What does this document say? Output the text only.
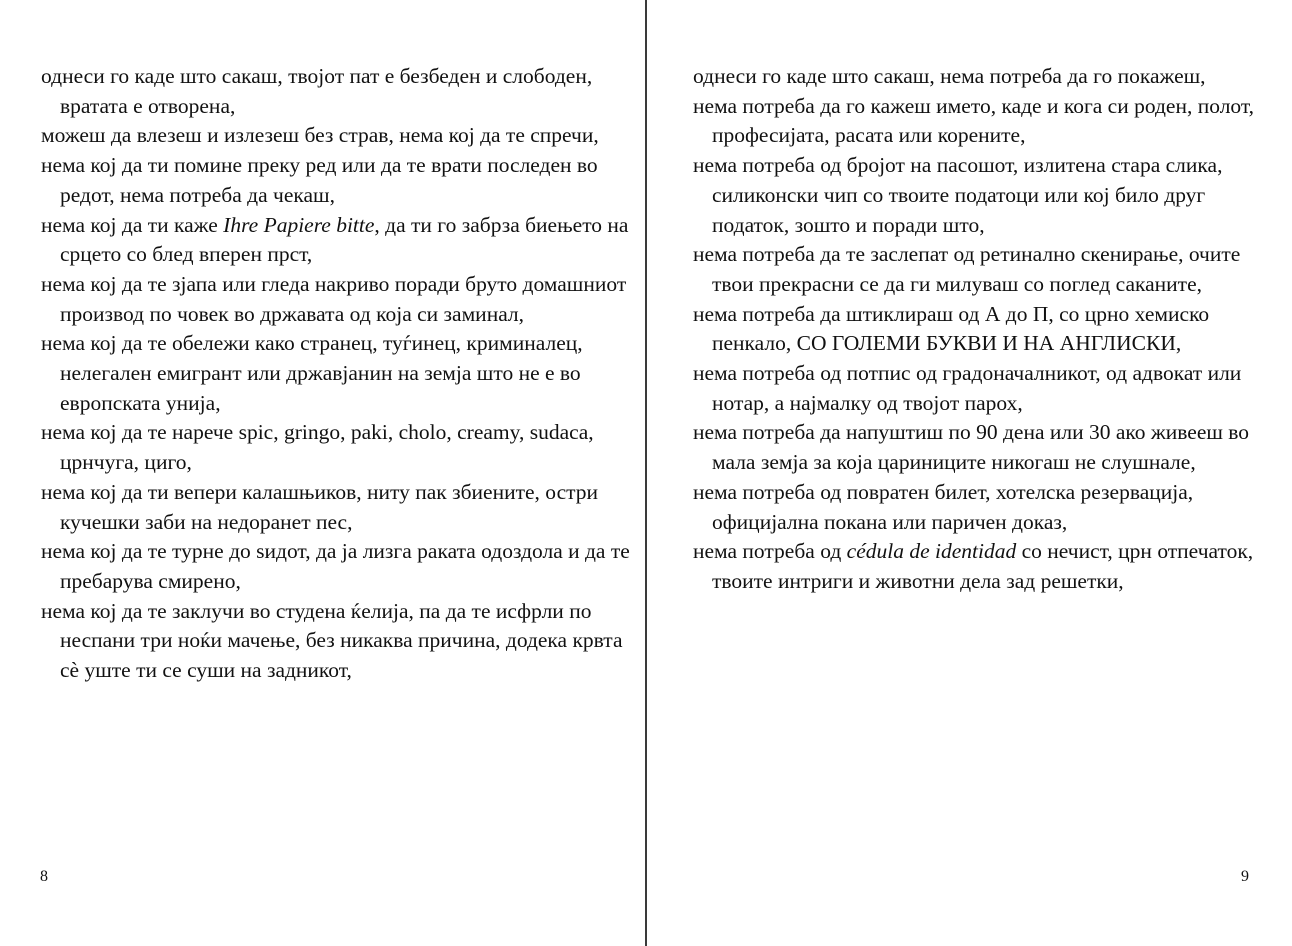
однеси го каде што сакаш, твојот пат е безбеден и слободен, вратата е отворена,

можеш да влезеш и излезеш без страв, нема кој да те спречи,

нема кој да ти помине преку ред или да те врати последен во редот, нема потреба да чекаш,

нема кој да ти каже Ihre Papiere bitte, да ти го забрза биењето на срцето со блед вперен прст,

нема кој да те зјапа или гледа накриво поради бруто домашниот производ по човек во државата од која си заминал,

нема кој да те обележи како странец, туѓинец, криминалец, нелегален емигрант или државјанин на земја што не е во европската унија,

нема кој да те нарече spic, gringo, paki, cholo, creamy, sudaca, црнчуга, циго,

нема кој да ти вепери калашњиков, ниту пак збиените, остри кучешки заби на недоранет пес,

нема кој да те турне до ѕидот, да ја лизга раката одоздола и да те пребарува смирено,

нема кој да те заклучи во студена ќелија, па да те исфрли по неспани три ноќи мачење, без никаква причина, додека крвта сè уште ти се суши на задникот,

8

однеси го каде што сакаш, нема потреба да го покажеш,

нема потреба да го кажеш името, каде и кога си роден, полот, професијата, расата или корените,

нема потреба од бројот на пасошот, излитена стара слика, силиконски чип со твоите податоци или кој било друг податок, зошто и поради што,

нема потреба да те заслепат од ретинално скенирање, очите твои прекрасни се да ги милуваш со поглед саканите,

нема потреба да штиклираш од А до П, со црно хемиско пенкало, СО ГОЛЕМИ БУКВИ И НА АНГЛИСКИ,

нема потреба од потпис од градоначалникот, од адвокат или нотар, а најмалку од твојот парох,

нема потреба да напуштиш по 90 дена или 30 ако живееш во мала земја за која цариниците никогаш не слушнале,

нема потреба од повратен билет, хотелска резервација, официјална покана или паричен доказ,

нема потреба од cédula de identidad со нечист, црн отпечаток, твоите интриги и животни дела зад решетки,

9
